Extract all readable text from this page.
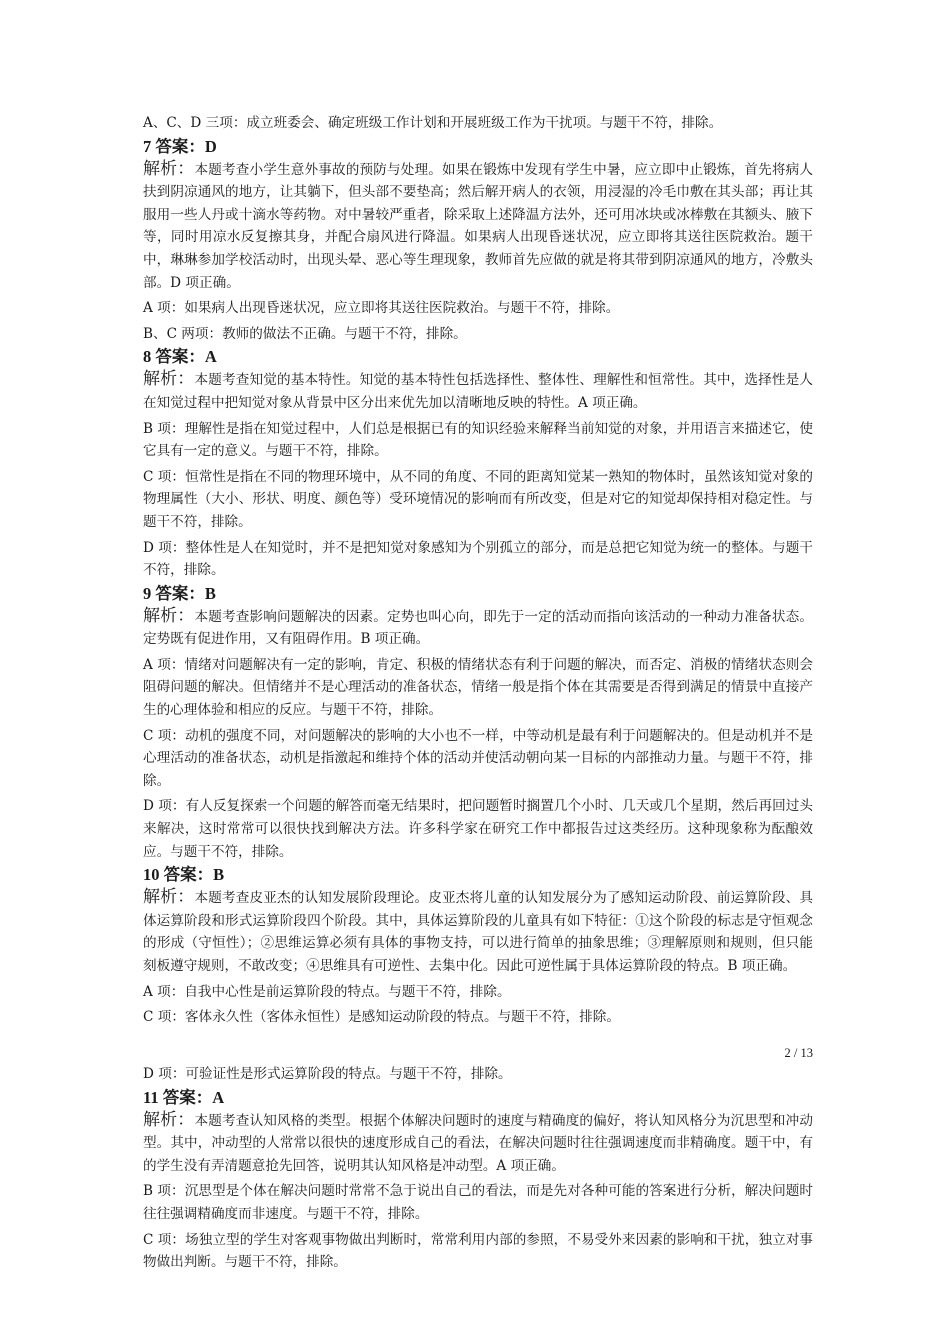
A、C、D 三项：成立班委会、确定班级工作计划和开展班级工作为干扰项。与题干不符，排除。

7 答案：D

解析：本题考查小学生意外事故的预防与处理。如果在锻炼中发现有学生中暑，应立即中止锻炼，首先将病人扶到阴凉通风的地方，让其躺下，但头部不要垫高；然后解开病人的衣领，用浸湿的冷毛巾敷在其头部；再让其服用一些人丹或十滴水等药物。对中暑较严重者，除采取上述降温方法外，还可用冰块或冰棒敷在其额头、腋下等，同时用凉水反复擦其身，并配合扇风进行降温。如果病人出现昏迷状况，应立即将其送往医院救治。题干中，琳琳参加学校活动时，出现头晕、恶心等生理现象，教师首先应做的就是将其带到阴凉通风的地方，冷敷头部。D 项正确。

A 项：如果病人出现昏迷状况，应立即将其送往医院救治。与题干不符，排除。

B、C 两项：教师的做法不正确。与题干不符，排除。

8 答案：A

解析：本题考查知觉的基本特性。知觉的基本特性包括选择性、整体性、理解性和恒常性。其中，选择性是人在知觉过程中把知觉对象从背景中区分出来优先加以清晰地反映的特性。A 项正确。

B 项：理解性是指在知觉过程中，人们总是根据已有的知识经验来解释当前知觉的对象，并用语言来描述它，使它具有一定的意义。与题干不符，排除。

C 项：恒常性是指在不同的物理环境中，从不同的角度、不同的距离知觉某一熟知的物体时，虽然该知觉对象的物理属性（大小、形状、明度、颜色等）受环境情况的影响而有所改变，但是对它的知觉却保持相对稳定性。与题干不符，排除。

D 项：整体性是人在知觉时，并不是把知觉对象感知为个别孤立的部分，而是总把它知觉为统一的整体。与题干不符，排除。

9 答案：B

解析：本题考查影响问题解决的因素。定势也叫心向，即先于一定的活动而指向该活动的一种动力准备状态。定势既有促进作用，又有阻碍作用。B 项正确。

A 项：情绪对问题解决有一定的影响，肯定、积极的情绪状态有利于问题的解决，而否定、消极的情绪状态则会阻碍问题的解决。但情绪并不是心理活动的准备状态，情绪一般是指个体在其需要是否得到满足的情景中直接产生的心理体验和相应的反应。与题干不符，排除。

C 项：动机的强度不同，对问题解决的影响的大小也不一样，中等动机是最有利于问题解决的。但是动机并不是心理活动的准备状态，动机是指激起和维持个体的活动并使活动朝向某一目标的内部推动力量。与题干不符，排除。

D 项：有人反复探索一个问题的解答而毫无结果时，把问题暂时搁置几个小时、几天或几个星期，然后再回过头来解决，这时常常可以很快找到解决方法。许多科学家在研究工作中都报告过这类经历。这种现象称为酝酿效应。与题干不符，排除。

10 答案：B

解析：本题考查皮亚杰的认知发展阶段理论。皮亚杰将儿童的认知发展分为了感知运动阶段、前运算阶段、具体运算阶段和形式运算阶段四个阶段。其中，具体运算阶段的儿童具有如下特征：①这个阶段的标志是守恒观念的形成（守恒性）；②思维运算必须有具体的事物支持，可以进行简单的抽象思维；③理解原则和规则，但只能刻板遵守规则，不敢改变；④思维具有可逆性、去集中化。因此可逆性属于具体运算阶段的特点。B 项正确。

A 项：自我中心性是前运算阶段的特点。与题干不符，排除。

C 项：客体永久性（客体永恒性）是感知运动阶段的特点。与题干不符，排除。

2 / 13

D 项：可验证性是形式运算阶段的特点。与题干不符，排除。

11 答案：A

解析：本题考查认知风格的类型。根据个体解决问题时的速度与精确度的偏好，将认知风格分为沉思型和冲动型。其中，冲动型的人常常以很快的速度形成自己的看法，在解决问题时往往强调速度而非精确度。题干中，有的学生没有弄清题意抢先回答，说明其认知风格是冲动型。A 项正确。

B 项：沉思型是个体在解决问题时常常不急于说出自己的看法，而是先对各种可能的答案进行分析，解决问题时往往强调精确度而非速度。与题干不符，排除。

C 项：场独立型的学生对客观事物做出判断时，常常利用内部的参照，不易受外来因素的影响和干扰，独立对事物做出判断。与题干不符，排除。
